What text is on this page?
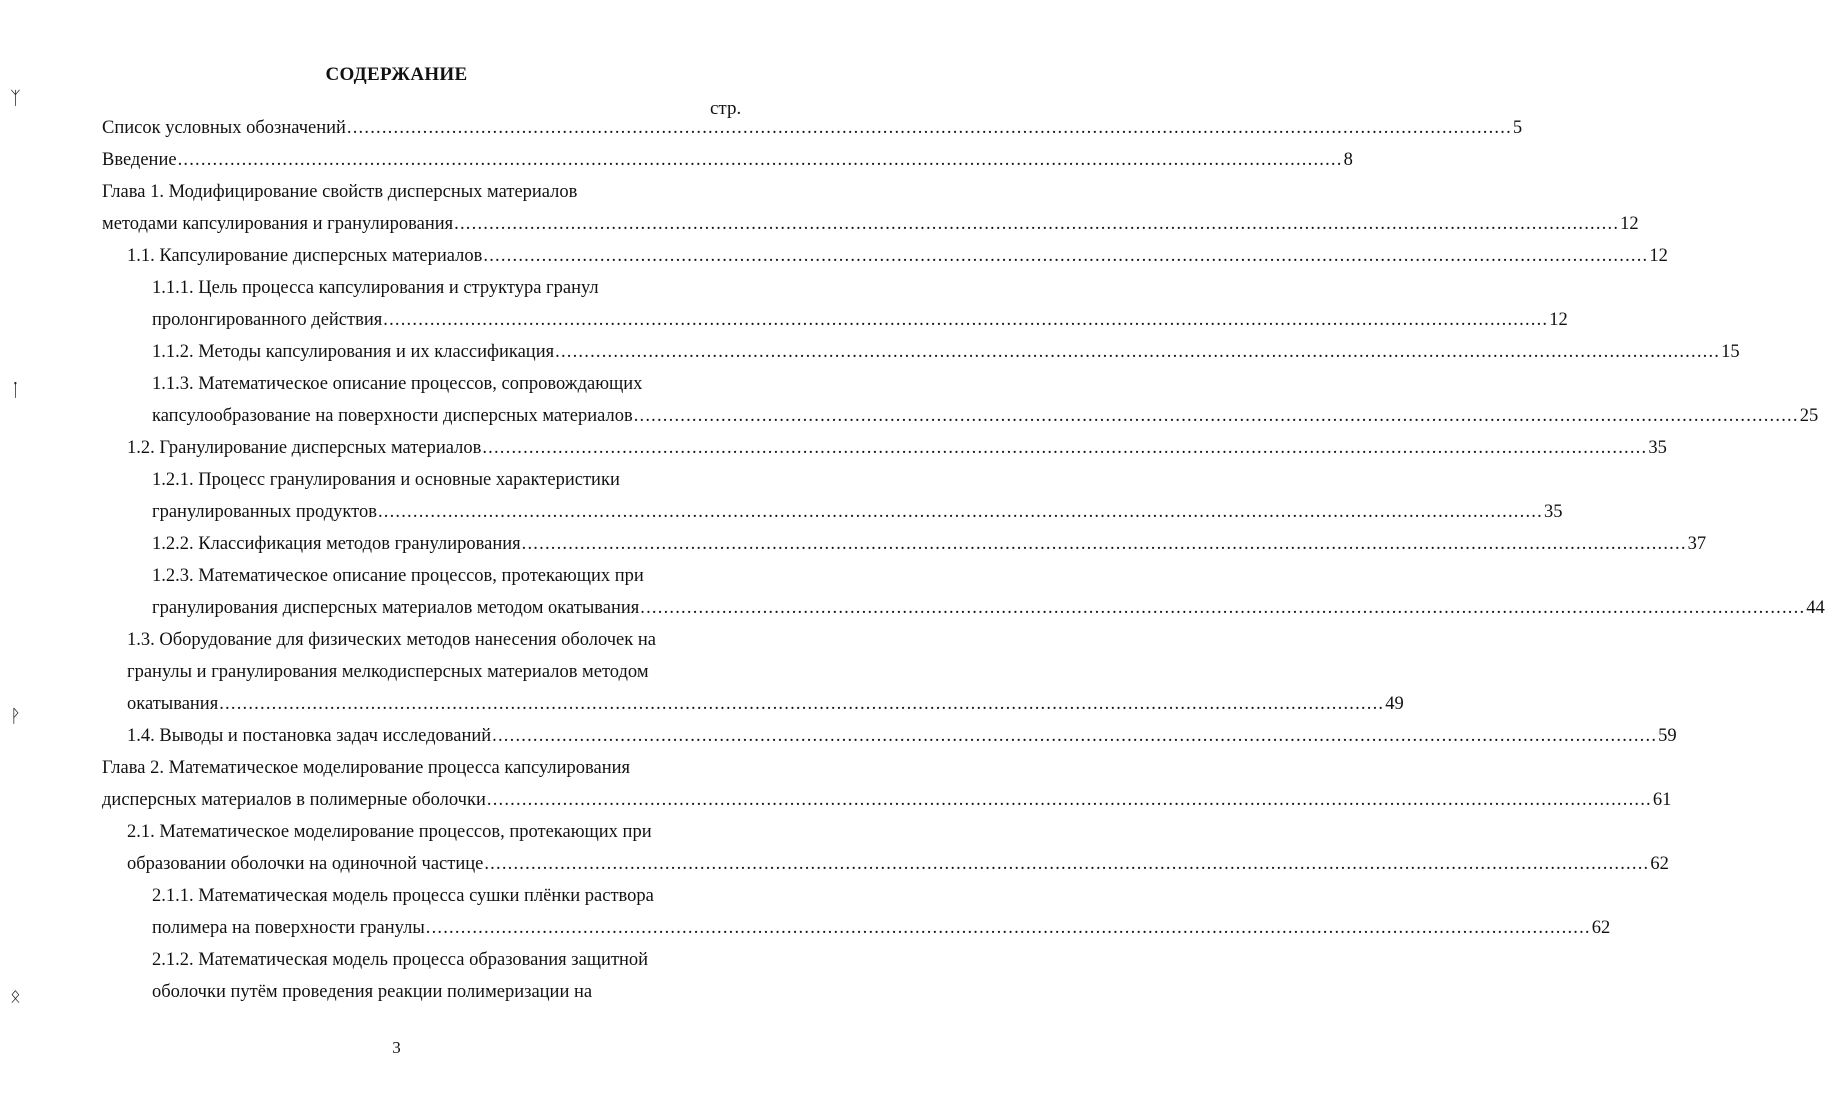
СОДЕРЖАНИЕ
стр.
ᛉ
ᛙ
ᚹ
ᛟ
Список условных обозначений ........................................................................................................................................................................................................ 5
Введение ........................................................................................................................................................................................................ 8
Глава 1. Модифицирование свойств дисперсных материалов
методами капсулирования и гранулирования ........................................................................................................................................................................................................ 12
1.1. Капсулирование дисперсных материалов ........................................................................................................................................................................................................ 12
1.1.1. Цель процесса капсулирования и структура гранул
пролонгированного действия ........................................................................................................................................................................................................ 12
1.1.2. Методы капсулирования и их классификация ........................................................................................................................................................................................................ 15
1.1.3. Математическое описание процессов, сопровождающих
капсулообразование на поверхности дисперсных материалов ........................................................................................................................................................................................................ 25
1.2. Гранулирование дисперсных материалов ........................................................................................................................................................................................................ 35
1.2.1. Процесс гранулирования и основные характеристики
гранулированных продуктов ........................................................................................................................................................................................................ 35
1.2.2. Классификация методов гранулирования ........................................................................................................................................................................................................ 37
1.2.3. Математическое описание процессов, протекающих при
гранулирования дисперсных материалов методом окатывания ........................................................................................................................................................................................................ 44
1.3. Оборудование для физических методов нанесения оболочек на
гранулы и гранулирования мелкодисперсных материалов методом
окатывания ........................................................................................................................................................................................................ 49
1.4. Выводы и постановка задач исследований ........................................................................................................................................................................................................ 59
Глава 2. Математическое моделирование процесса капсулирования
дисперсных материалов в полимерные оболочки ........................................................................................................................................................................................................ 61
2.1. Математическое моделирование процессов, протекающих при
образовании оболочки на одиночной частице ........................................................................................................................................................................................................ 62
2.1.1. Математическая модель процесса сушки плёнки раствора
полимера на поверхности гранулы ........................................................................................................................................................................................................ 62
2.1.2. Математическая модель процесса образования защитной
оболочки путём проведения реакции полимеризации на
3
